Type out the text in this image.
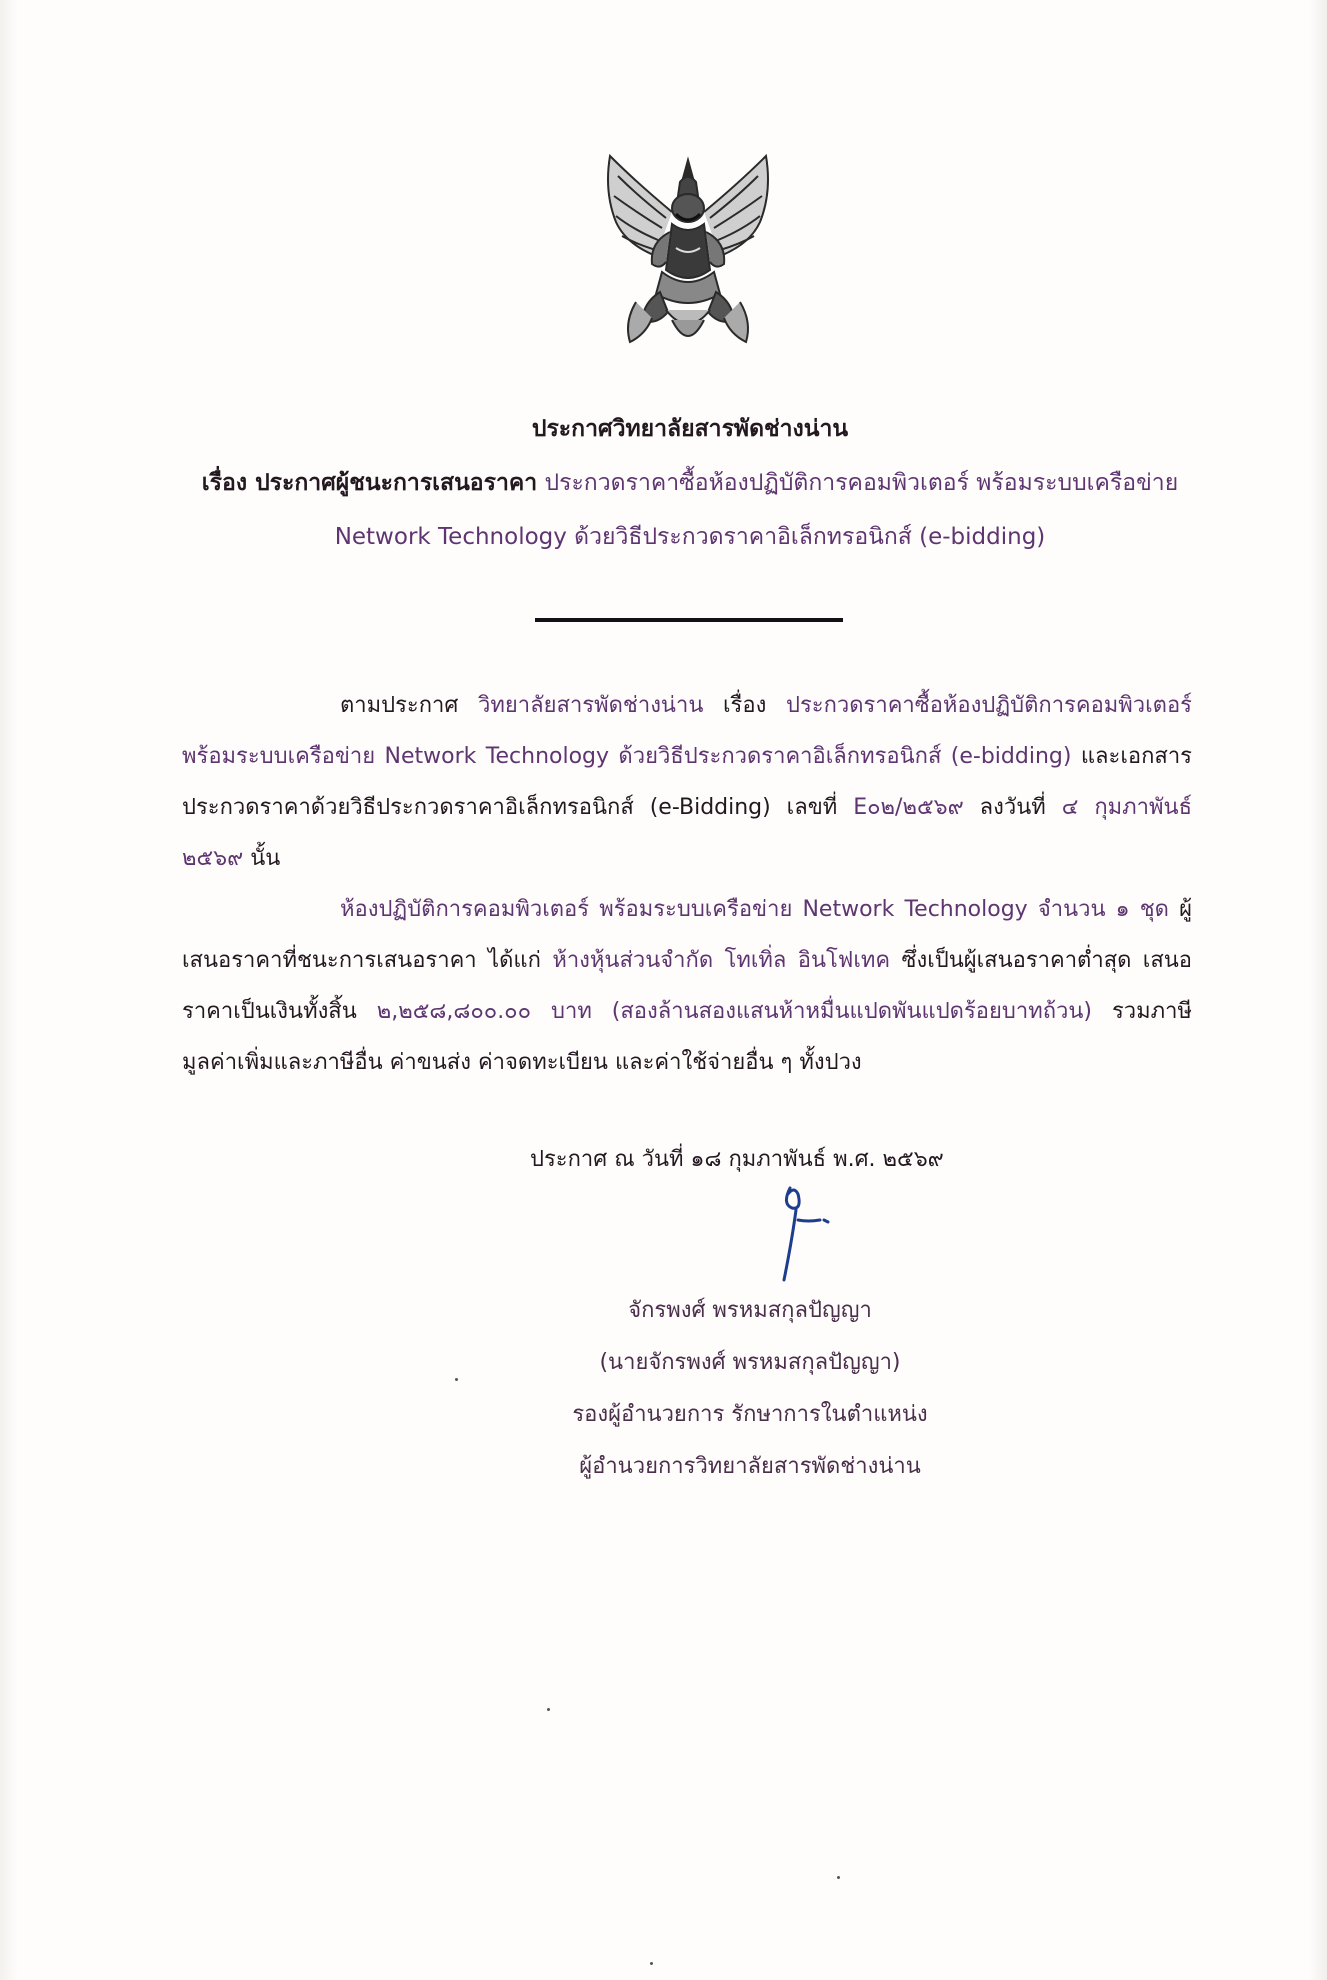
ประกาศวิทยาลัยสารพัดช่างน่าน
เรื่อง ประกาศผู้ชนะการเสนอราคา ประกวดราคาซื้อห้องปฏิบัติการคอมพิวเตอร์ พร้อมระบบเครือข่าย
Network Technology ด้วยวิธีประกวดราคาอิเล็กทรอนิกส์ (e-bidding)

ตามประกาศ วิทยาลัยสารพัดช่างน่าน เรื่อง ประกวดราคาซื้อห้องปฏิบัติการคอมพิวเตอร์ พร้อมระบบเครือข่าย Network Technology ด้วยวิธีประกวดราคาอิเล็กทรอนิกส์ (e-bidding) และเอกสารประกวดราคาด้วยวิธีประกวดราคาอิเล็กทรอนิกส์ (e-Bidding) เลขที่ E๐๒/๒๕๖๙ ลงวันที่ ๔ กุมภาพันธ์ ๒๕๖๙ นั้น

ห้องปฏิบัติการคอมพิวเตอร์ พร้อมระบบเครือข่าย Network Technology จำนวน ๑ ชุด ผู้เสนอราคาที่ชนะการเสนอราคา ได้แก่ ห้างหุ้นส่วนจำกัด โทเทิ่ล อินโฟเทค ซึ่งเป็นผู้เสนอราคาต่ำสุด เสนอราคาเป็นเงินทั้งสิ้น ๒,๒๕๘,๘๐๐.๐๐ บาท (สองล้านสองแสนห้าหมื่นแปดพันแปดร้อยบาทถ้วน) รวมภาษีมูลค่าเพิ่มและภาษีอื่น ค่าขนส่ง ค่าจดทะเบียน และค่าใช้จ่ายอื่น ๆ ทั้งปวง

ประกาศ ณ วันที่ ๑๘ กุมภาพันธ์ พ.ศ. ๒๕๖๙
จักรพงศ์ พรหมสกุลปัญญา
(นายจักรพงศ์ พรหมสกุลปัญญา)
รองผู้อำนวยการ รักษาการในตำแหน่ง
ผู้อำนวยการวิทยาลัยสารพัดช่างน่าน
